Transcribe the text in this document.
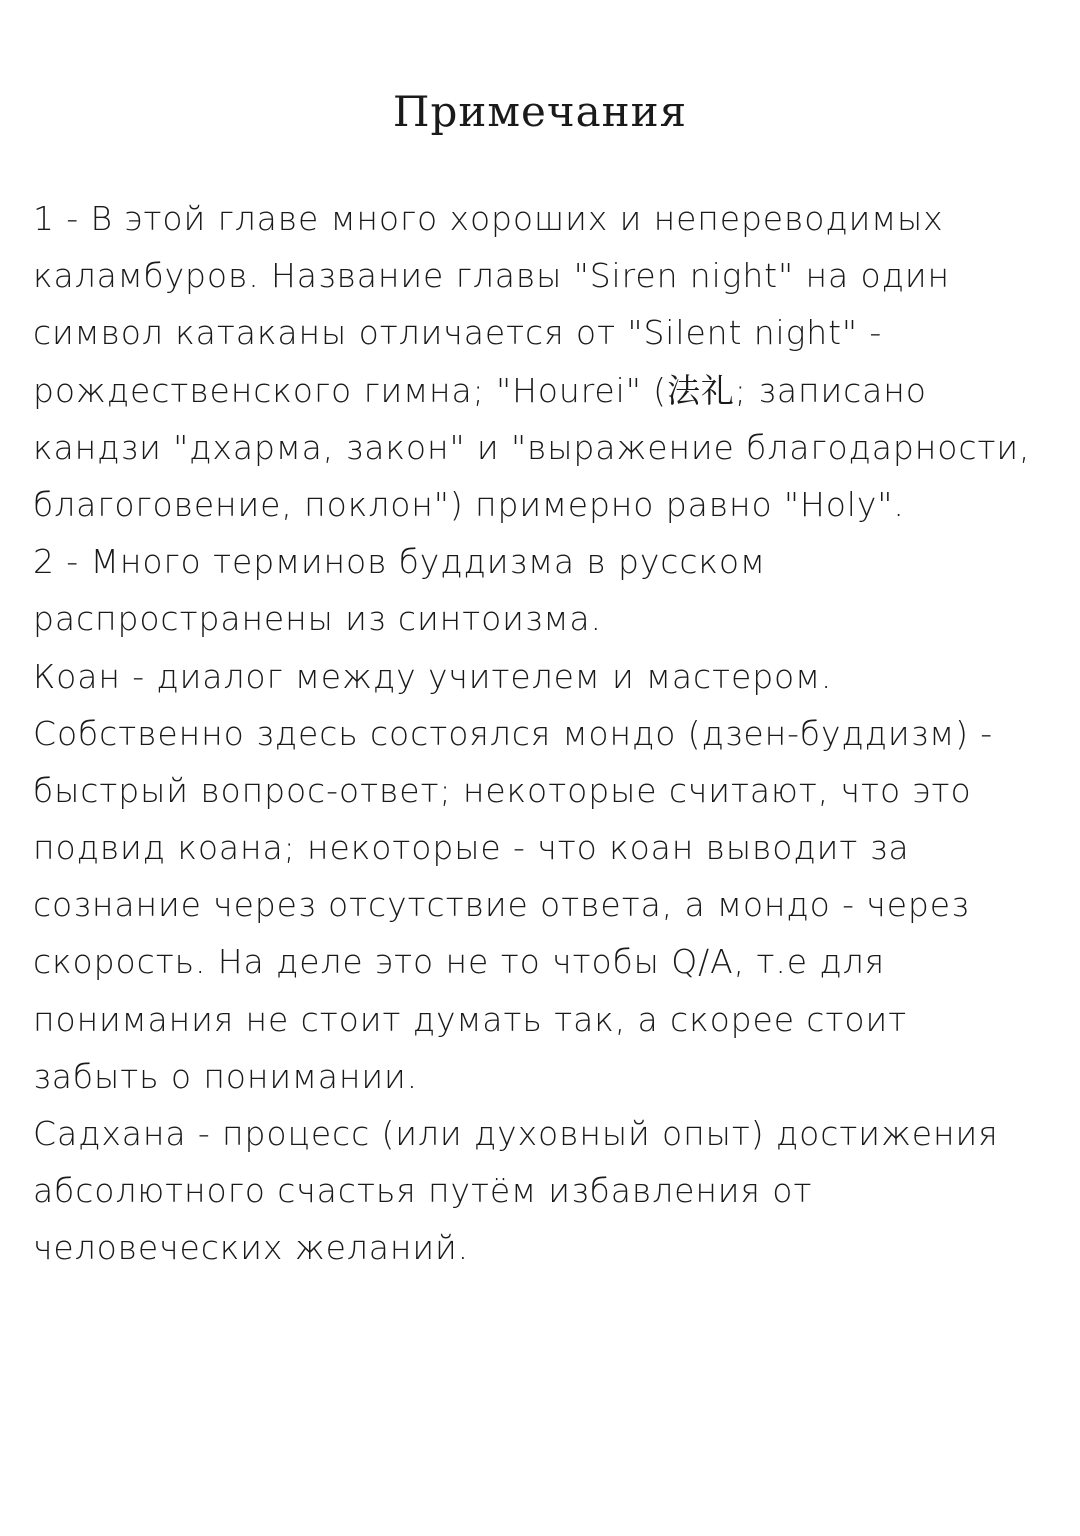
Примечания
1 - В этой главе много хороших и непереводимых
каламбуров. Название главы "Siren night" на один
символ катаканы отличается от "Silent night" -
рождественского гимна; "Hourei" (法礼; записано
кандзи "дхарма, закон" и "выражение благодарности,
благоговение, поклон") примерно равно "Holy".
2 - Много терминов буддизма в русском
распространены из синтоизма.
Коан - диалог между учителем и мастером.
Собственно здесь состоялся мондо (дзен-буддизм) -
быстрый вопрос-ответ; некоторые считают, что это
подвид коана; некоторые - что коан выводит за
сознание через отсутствие ответа, а мондо - через
скорость. На деле это не то чтобы Q/A, т.е для
понимания не стоит думать так, а скорее стоит
забыть о понимании.
Садхана - процесс (или духовный опыт) достижения
абсолютного счастья путём избавления от
человеческих желаний.
